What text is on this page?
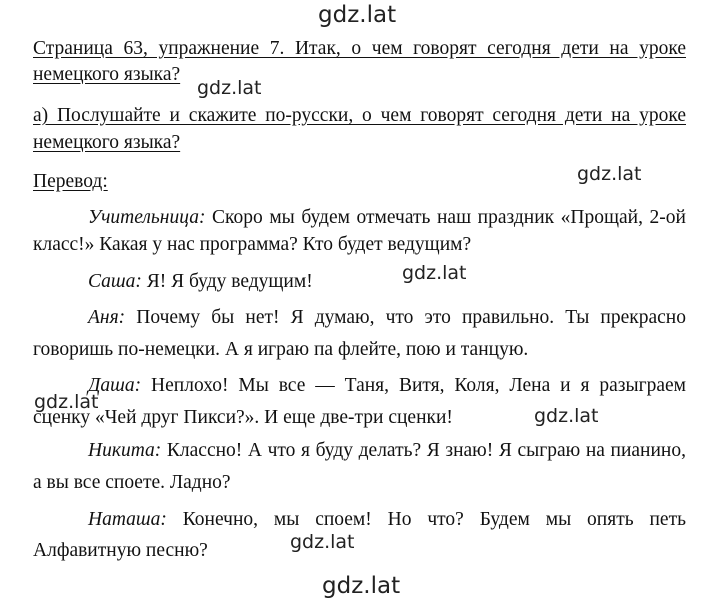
gdz.lat
gdz.lat
gdz.lat
gdz.lat
gdz.lat
gdz.lat
gdz.lat
gdz.lat
Страница 63, упражнение 7. Итак, о чем говорят сегодня дети на уроке
немецкого языка?
а) Послушайте и скажите по-русски, о чем говорят сегодня дети на уроке
немецкого языка?
Перевод:
Учительница: Скоро мы будем отмечать наш праздник «Прощай, 2-ой
класс!» Какая у нас программа? Кто будет ведущим?
Саша: Я! Я буду ведущим!
Аня: Почему бы нет! Я думаю, что это правильно. Ты прекрасно
говоришь по-немецки. А я играю па флейте, пою и танцую.
Даша: Неплохо! Мы все — Таня, Витя, Коля, Лена и я разыграем
сценку «Чей друг Пикси?». И еще две-три сценки!
Никита: Классно! А что я буду делать? Я знаю! Я сыграю на пианино,
а вы все споете. Ладно?
Наташа: Конечно, мы споем! Но что? Будем мы опять петь
Алфавитную песню?
